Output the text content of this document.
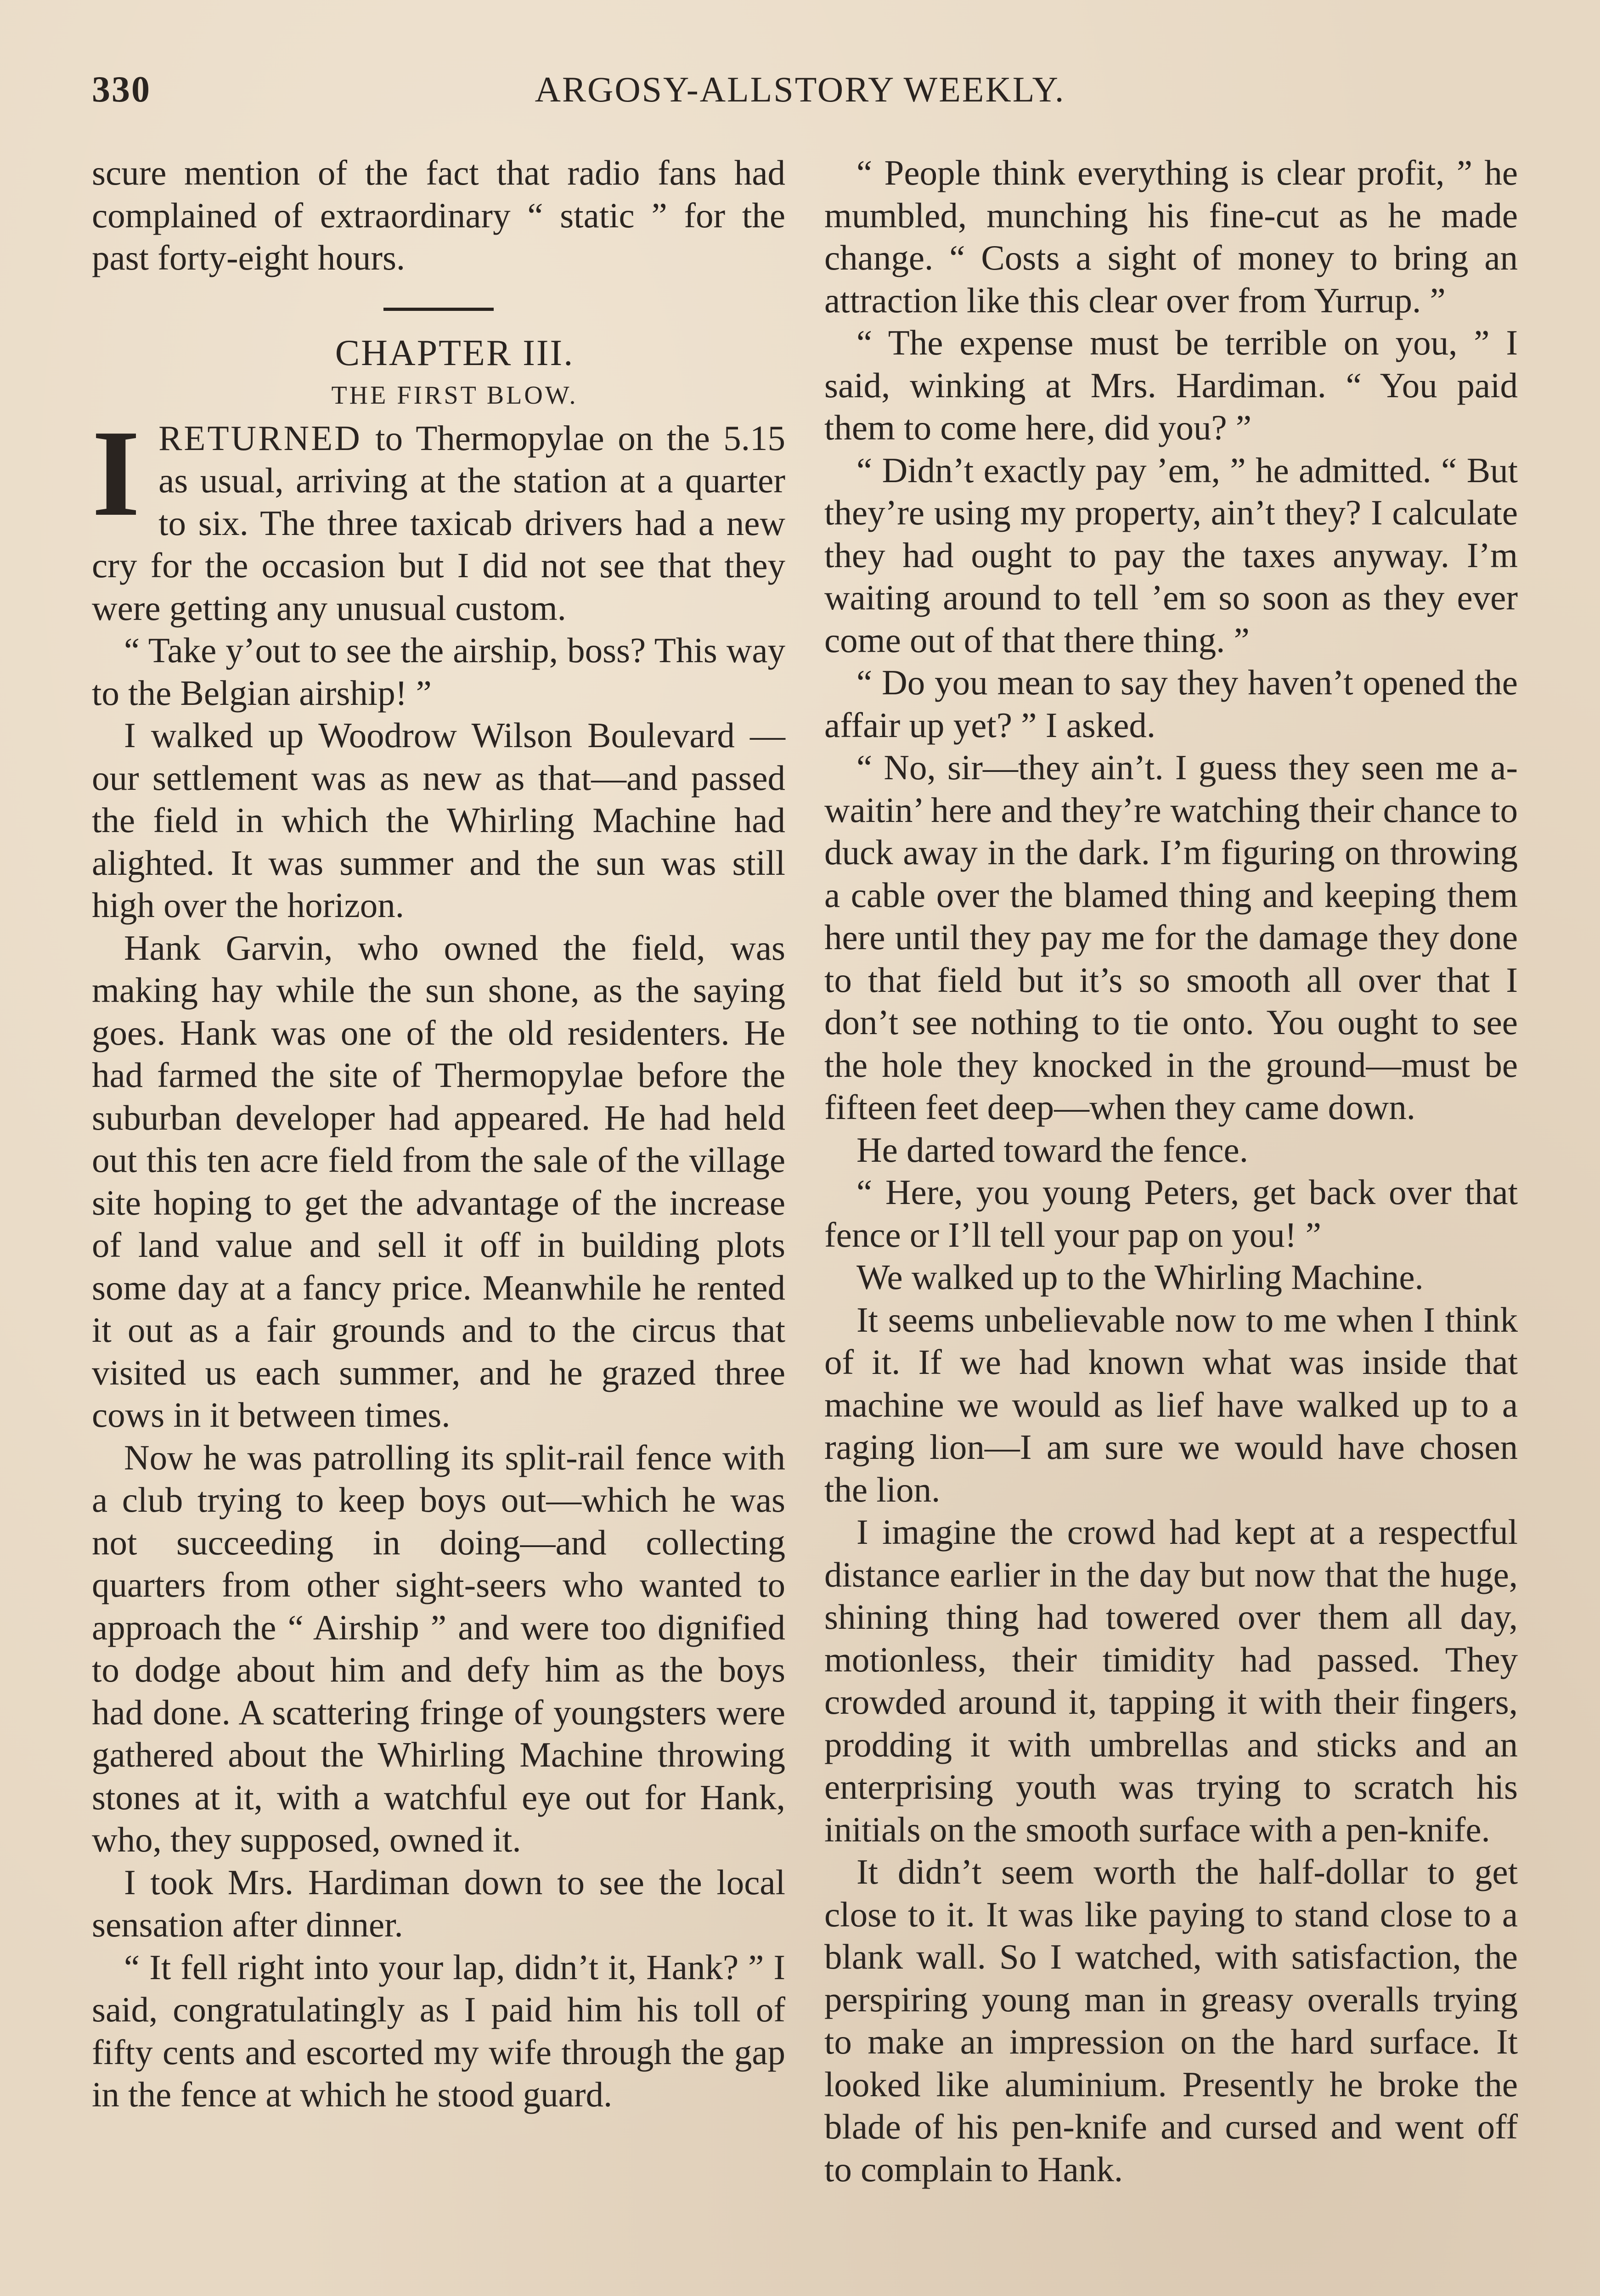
330	ARGOSY-ALLSTORY WEEKLY.

scure mention of the fact that radio fans had complained of extraordinary “ static ” for the past forty-eight hours.

CHAPTER III.

THE FIRST BLOW.

IRETURNED to Thermopylae on the 5.15 as usual, arriving at the station at a quarter to six. The three taxicab drivers had a new cry for the occasion but I did not see that they were getting any unusual custom.

“ Take y’out to see the airship, boss? This way to the Belgian airship! ”

I walked up Woodrow Wilson Boulevard —our settlement was as new as that—and passed the field in which the Whirling Machine had alighted. It was summer and the sun was still high over the horizon.

Hank Garvin, who owned the field, was making hay while the sun shone, as the saying goes. Hank was one of the old residenters. He had farmed the site of Thermopylae before the suburban developer had appeared. He had held out this ten acre field from the sale of the village site hoping to get the advantage of the increase of land value and sell it off in building plots some day at a fancy price. Meanwhile he rented it out as a fair grounds and to the circus that visited us each summer, and he grazed three cows in it between times.

Now he was patrolling its split-rail fence with a club trying to keep boys out—which he was not succeeding in doing—and collecting quarters from other sight-seers who wanted to approach the “ Airship ” and were too dignified to dodge about him and defy him as the boys had done. A scattering fringe of youngsters were gathered about the Whirling Machine throwing stones at it, with a watchful eye out for Hank, who, they supposed, owned it.

I took Mrs. Hardiman down to see the local sensation after dinner.

“ It fell right into your lap, didn’t it, Hank? ” I said, congratulatingly as I paid him his toll of fifty cents and escorted my wife through the gap in the fence at which he stood guard.

“ People think everything is clear profit, ” he mumbled, munching his fine-cut as he made change. “ Costs a sight of money to bring an attraction like this clear over from Yurrup. ”

“ The expense must be terrible on you, ” I said, winking at Mrs. Hardiman. “ You paid them to come here, did you? ”

“ Didn’t exactly pay ’em, ” he admitted. “ But they’re using my property, ain’t they? I calculate they had ought to pay the taxes anyway. I’m waiting around to tell ’em so soon as they ever come out of that there thing. ”

“ Do you mean to say they haven’t opened the affair up yet? ” I asked.

“ No, sir—they ain’t. I guess they seen me a-waitin’ here and they’re watching their chance to duck away in the dark. I’m figuring on throwing a cable over the blamed thing and keeping them here until they pay me for the damage they done to that field but it’s so smooth all over that I don’t see nothing to tie onto. You ought to see the hole they knocked in the ground—must be fifteen feet deep—when they came down.

He darted toward the fence.

“ Here, you young Peters, get back over that fence or I’ll tell your pap on you! ”

We walked up to the Whirling Machine.

It seems unbelievable now to me when I think of it. If we had known what was inside that machine we would as lief have walked up to a raging lion—I am sure we would have chosen the lion.

I imagine the crowd had kept at a respectful distance earlier in the day but now that the huge, shining thing had towered over them all day, motionless, their timidity had passed. They crowded around it, tapping it with their fingers, prodding it with umbrellas and sticks and an enterprising youth was trying to scratch his initials on the smooth surface with a pen-knife.

It didn’t seem worth the half-dollar to get close to it. It was like paying to stand close to a blank wall. So I watched, with satisfaction, the perspiring young man in greasy overalls trying to make an impression on the hard surface. It looked like aluminium. Presently he broke the blade of his pen-knife and cursed and went off to complain to Hank.
